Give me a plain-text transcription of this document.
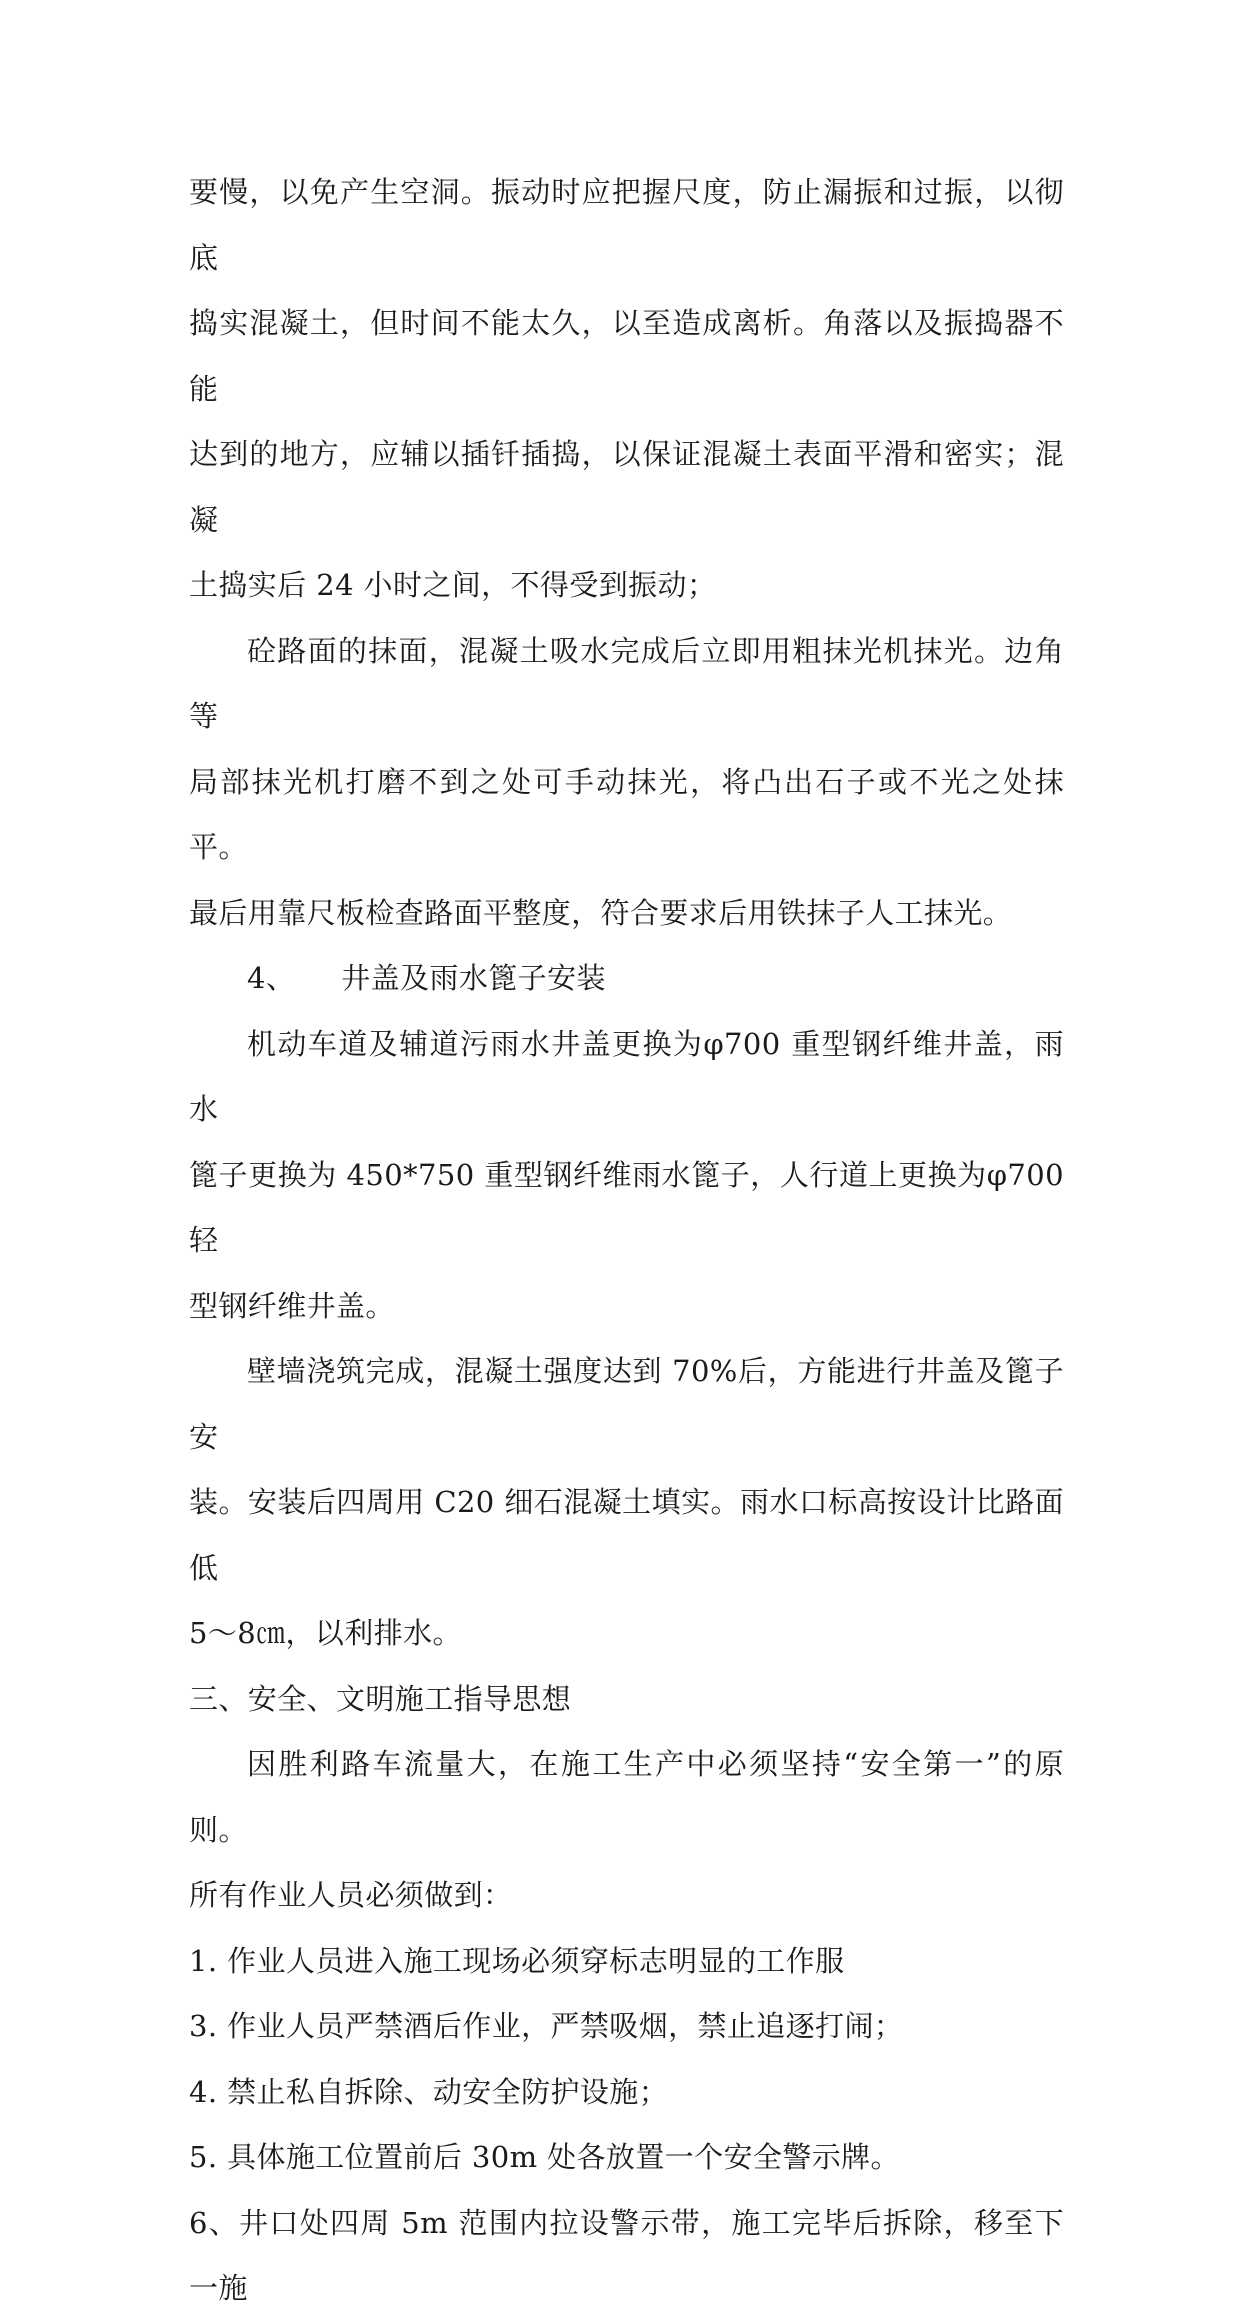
要慢，以免产生空洞。振动时应把握尺度，防止漏振和过振，以彻底
捣实混凝土，但时间不能太久，以至造成离析。角落以及振捣器不能
达到的地方，应辅以插钎插捣，以保证混凝土表面平滑和密实；混凝
土捣实后 24 小时之间，不得受到振动；

砼路面的抹面，混凝土吸水完成后立即用粗抹光机抹光。边角等
局部抹光机打磨不到之处可手动抹光，将凸出石子或不光之处抹平。
最后用靠尺板检查路面平整度，符合要求后用铁抹子人工抹光。

4、 井盖及雨水篦子安装

机动车道及辅道污雨水井盖更换为φ700 重型钢纤维井盖，雨水
篦子更换为 450*750 重型钢纤维雨水篦子，人行道上更换为φ700 轻
型钢纤维井盖。

壁墙浇筑完成，混凝土强度达到 70%后，方能进行井盖及篦子安
装。安装后四周用 C20 细石混凝土填实。雨水口标高按设计比路面低
5～8㎝，以利排水。

三、安全、文明施工指导思想

因胜利路车流量大，在施工生产中必须坚持“安全第一”的原则。
所有作业人员必须做到：

1. 作业人员进入施工现场必须穿标志明显的工作服

3. 作业人员严禁酒后作业，严禁吸烟，禁止追逐打闹；

4. 禁止私自拆除、动安全防护设施；

5. 具体施工位置前后 30m 处各放置一个安全警示牌。

6、井口处四周 5m 范围内拉设警示带，施工完毕后拆除，移至下一施
